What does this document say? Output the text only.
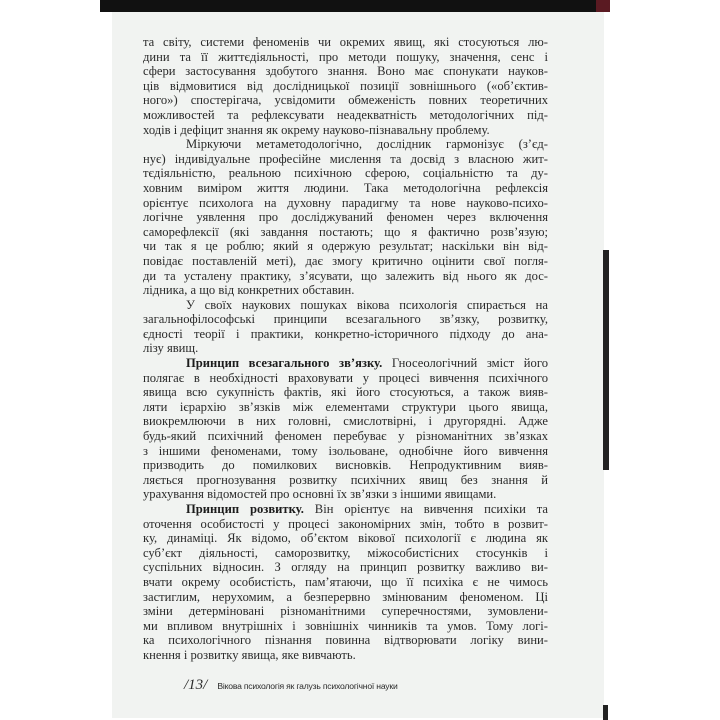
та світу, системи феноменів чи окремих явищ, які стосуються лю-
дини та її життєдіяльності, про методи пошуку, значення, сенс і
сфери застосування здобутого знання. Воно має спонукати науков-
ців відмовитися від дослідницької позиції зовнішнього («об’єктив-
ного») спостерігача, усвідомити обмеженість повних теоретичних
можливостей та рефлексувати неадекватність методологічних під-
ходів і дефіцит знання як окрему науково-пізнавальну проблему.
Міркуючи метаметодологічно, дослідник гармонізує (з’єд-
нує) індивідуальне професійне мислення та досвід з власною жит-
тєдіяльністю, реальною психічною сферою, соціальністю та ду-
ховним виміром життя людини. Така методологічна рефлексія
орієнтує психолога на духовну парадигму та нове науково-психо-
логічне уявлення про досліджуваний феномен через включення
саморефлексії (які завдання постають; що я фактично розв’язую;
чи так я це роблю; який я одержую результат; наскільки він від-
повідає поставленій меті), дає змогу критично оцінити свої погля-
ди та усталену практику, з’ясувати, що залежить від нього як дос-
лідника, а що від конкретних обставин.
У своїх наукових пошуках вікова психологія спирається на
загальнофілософські принципи всезагального зв’язку, розвитку,
єдності теорії і практики, конкретно-історичного підходу до ана-
лізу явищ.
Принцип всезагального зв’язку. Гносеологічний зміст його
полягає в необхідності враховувати у процесі вивчення психічного
явища всю сукупність фактів, які його стосуються, а також вияв-
ляти ієрархію зв’язків між елементами структури цього явища,
виокремлюючи в них головні, смислотвірні, і другорядні. Адже
будь-який психічний феномен перебуває у різноманітних зв’язках
з іншими феноменами, тому ізольоване, однобічне його вивчення
призводить до помилкових висновків. Непродуктивним вияв-
ляється прогнозування розвитку психічних явищ без знання й
урахування відомостей про основні їх зв’язки з іншими явищами.
Принцип розвитку. Він орієнтує на вивчення психіки та
оточення особистості у процесі закономірних змін, тобто в розвит-
ку, динаміці. Як відомо, об’єктом вікової психології є людина як
суб’єкт діяльності, саморозвитку, міжособистісних стосунків і
суспільних відносин. З огляду на принцип розвитку важливо ви-
вчати окрему особистість, пам’ятаючи, що її психіка є не чимось
застиглим, нерухомим, а безперервно змінюваним феноменом. Ці
зміни детерміновані різноманітними суперечностями, зумовлени-
ми впливом внутрішніх і зовнішніх чинників та умов. Тому логі-
ка психологічного пізнання повинна відтворювати логіку вини-
кнення і розвитку явища, яке вивчають.
/13/ Вікова психологія як галузь психологічної науки
